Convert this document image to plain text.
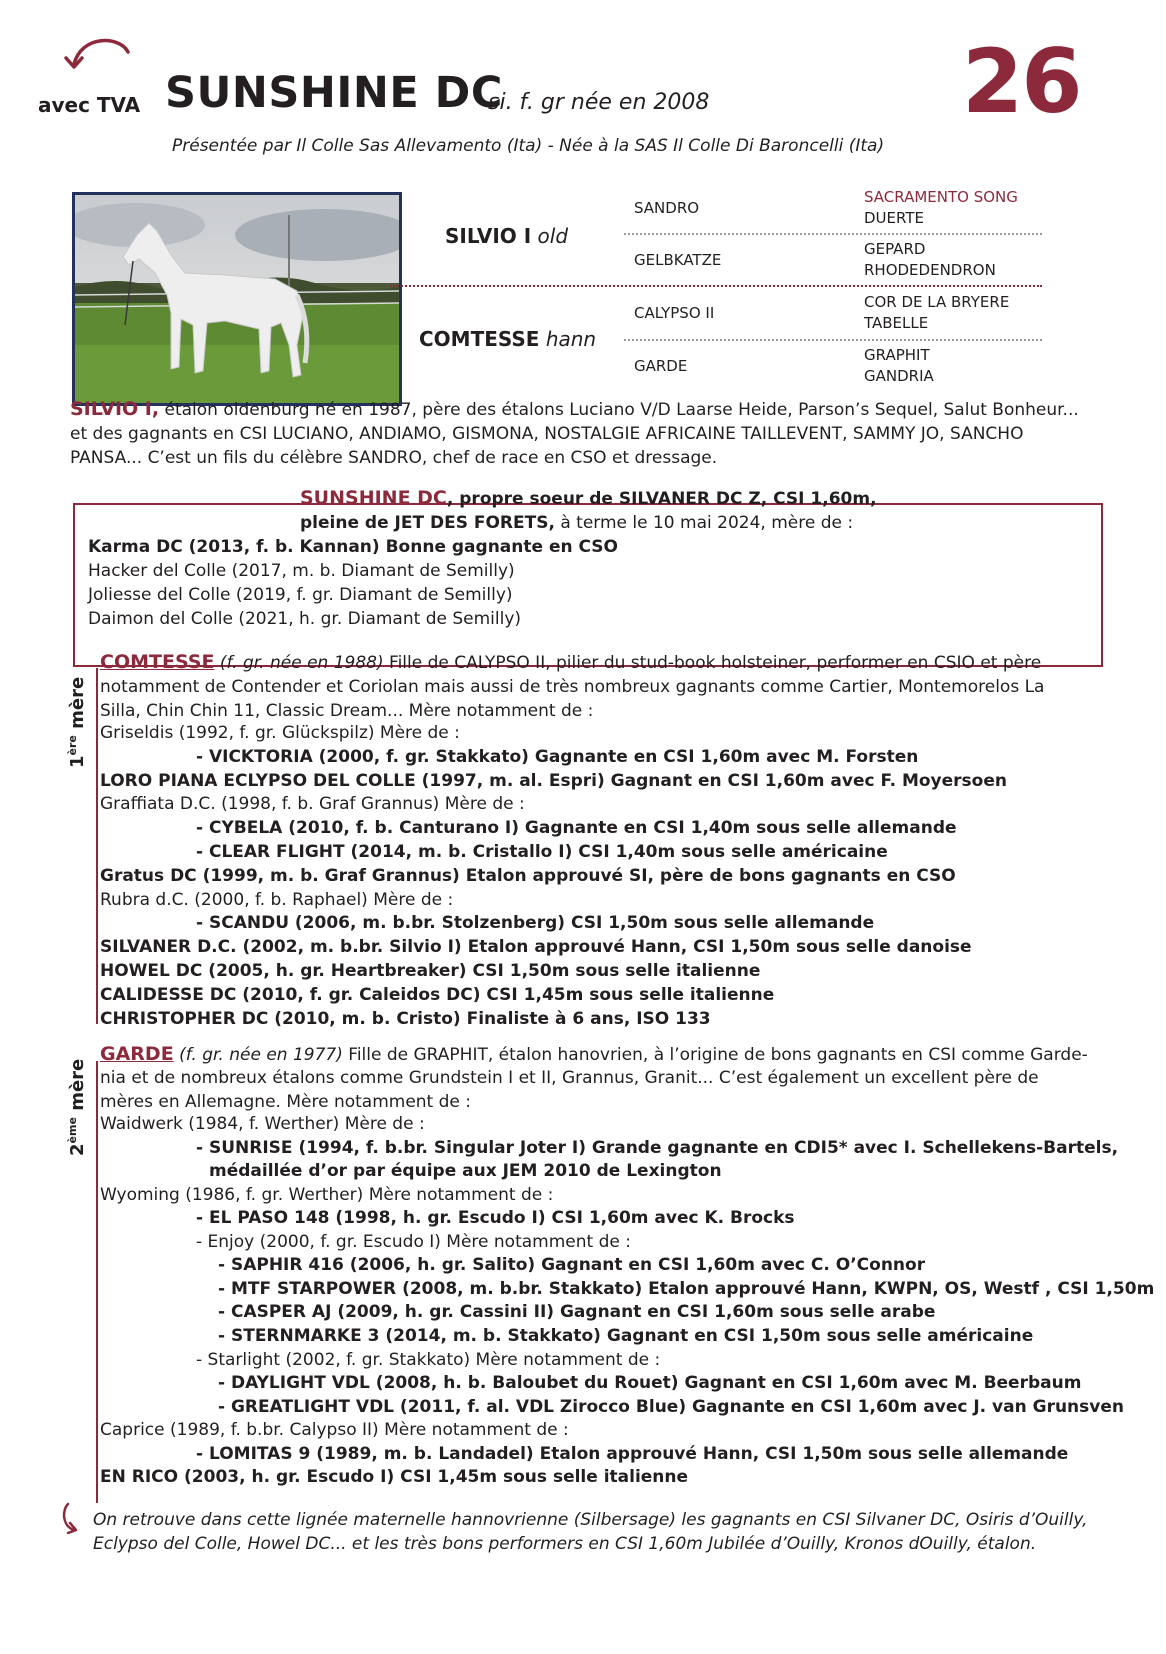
avec TVA SUNSHINE DC
si. f. gr née en 2008	26
Présentée par Il Colle Sas Allevamento (Ita) - Née à la SAS Il Colle Di Baroncelli (Ita)
SILVIO I old
COMTESSE hann
SANDRO
GELBKATZE
CALYPSO II
GARDE
SACRAMENTO SONG
DUERTE
GEPARD
RHODEDENDRON
COR DE LA BRYERE
TABELLE
GRAPHIT
GANDRIA
SILVIO I, étalon oldenburg né en 1987, père des étalons Luciano V/D Laarse Heide, Parson’s Sequel, Salut Bonheur...
et des gagnants en CSI LUCIANO, ANDIAMO, GISMONA, NOSTALGIE AFRICAINE TAILLEVENT, SAMMY JO, SANCHO
PANSA... C’est un fils du célèbre SANDRO, chef de race en CSO et dressage.
SUNSHINE DC, propre soeur de SILVANER DC Z, CSI 1,60m,
pleine de JET DES FORETS, à terme le 10 mai 2024, mère de :
Karma DC (2013, f. b. Kannan) Bonne gagnante en CSO
Hacker del Colle (2017, m. b. Diamant de Semilly)
Joliesse del Colle (2019, f. gr. Diamant de Semilly)
Daimon del Colle (2021, h. gr. Diamant de Semilly)
1ère mère
COMTESSE (f. gr. née en 1988) Fille de CALYPSO II, pilier du stud-book holsteiner, performer en CSIO et père
notamment de Contender et Coriolan mais aussi de très nombreux gagnants comme Cartier, Montemorelos La
Silla, Chin Chin 11, Classic Dream... Mère notamment de :
Griseldis (1992, f. gr. Glückspilz) Mère de :
- VICKTORIA (2000, f. gr. Stakkato) Gagnante en CSI 1,60m avec M. Forsten
LORO PIANA ECLYPSO DEL COLLE (1997, m. al. Espri) Gagnant en CSI 1,60m avec F. Moyersoen
Graffiata D.C. (1998, f. b. Graf Grannus) Mère de :
- CYBELA (2010, f. b. Canturano I) Gagnante en CSI 1,40m sous selle allemande
- CLEAR FLIGHT (2014, m. b. Cristallo I) CSI 1,40m sous selle américaine
Gratus DC (1999, m. b. Graf Grannus) Etalon approuvé SI, père de bons gagnants en CSO
Rubra d.C. (2000, f. b. Raphael) Mère de :
- SCANDU (2006, m. b.br. Stolzenberg) CSI 1,50m sous selle allemande
SILVANER D.C. (2002, m. b.br. Silvio I) Etalon approuvé Hann, CSI 1,50m sous selle danoise
HOWEL DC (2005, h. gr. Heartbreaker) CSI 1,50m sous selle italienne
CALIDESSE DC (2010, f. gr. Caleidos DC) CSI 1,45m sous selle italienne
CHRISTOPHER DC (2010, m. b. Cristo) Finaliste à 6 ans, ISO 133
2ème mère
GARDE (f. gr. née en 1977) Fille de GRAPHIT, étalon hanovrien, à l’origine de bons gagnants en CSI comme Garde-
nia et de nombreux étalons comme Grundstein I et II, Grannus, Granit... C’est également un excellent père de
mères en Allemagne. Mère notamment de :
Waidwerk (1984, f. Werther) Mère de :
- SUNRISE (1994, f. b.br. Singular Joter I) Grande gagnante en CDI5* avec I. Schellekens-Bartels,
médaillée d’or par équipe aux JEM 2010 de Lexington
Wyoming (1986, f. gr. Werther) Mère notamment de :
- EL PASO 148 (1998, h. gr. Escudo I) CSI 1,60m avec K. Brocks
- Enjoy (2000, f. gr. Escudo I) Mère notamment de :
- SAPHIR 416 (2006, h. gr. Salito) Gagnant en CSI 1,60m avec C. O’Connor
- MTF STARPOWER (2008, m. b.br. Stakkato) Etalon approuvé Hann, KWPN, OS, Westf , CSI 1,50m
- CASPER AJ (2009, h. gr. Cassini II) Gagnant en CSI 1,60m sous selle arabe
- STERNMARKE 3 (2014, m. b. Stakkato) Gagnant en CSI 1,50m sous selle américaine
- Starlight (2002, f. gr. Stakkato) Mère notamment de :
- DAYLIGHT VDL (2008, h. b. Baloubet du Rouet) Gagnant en CSI 1,60m avec M. Beerbaum
- GREATLIGHT VDL (2011, f. al. VDL Zirocco Blue) Gagnante en CSI 1,60m avec J. van Grunsven
Caprice (1989, f. b.br. Calypso II) Mère notamment de :
- LOMITAS 9 (1989, m. b. Landadel) Etalon approuvé Hann, CSI 1,50m sous selle allemande
EN RICO (2003, h. gr. Escudo I) CSI 1,45m sous selle italienne
On retrouve dans cette lignée maternelle hannovrienne (Silbersage) les gagnants en CSI Silvaner DC, Osiris d’Ouilly,
Eclypso del Colle, Howel DC... et les très bons performers en CSI 1,60m Jubilée d’Ouilly, Kronos dOuilly, étalon.
